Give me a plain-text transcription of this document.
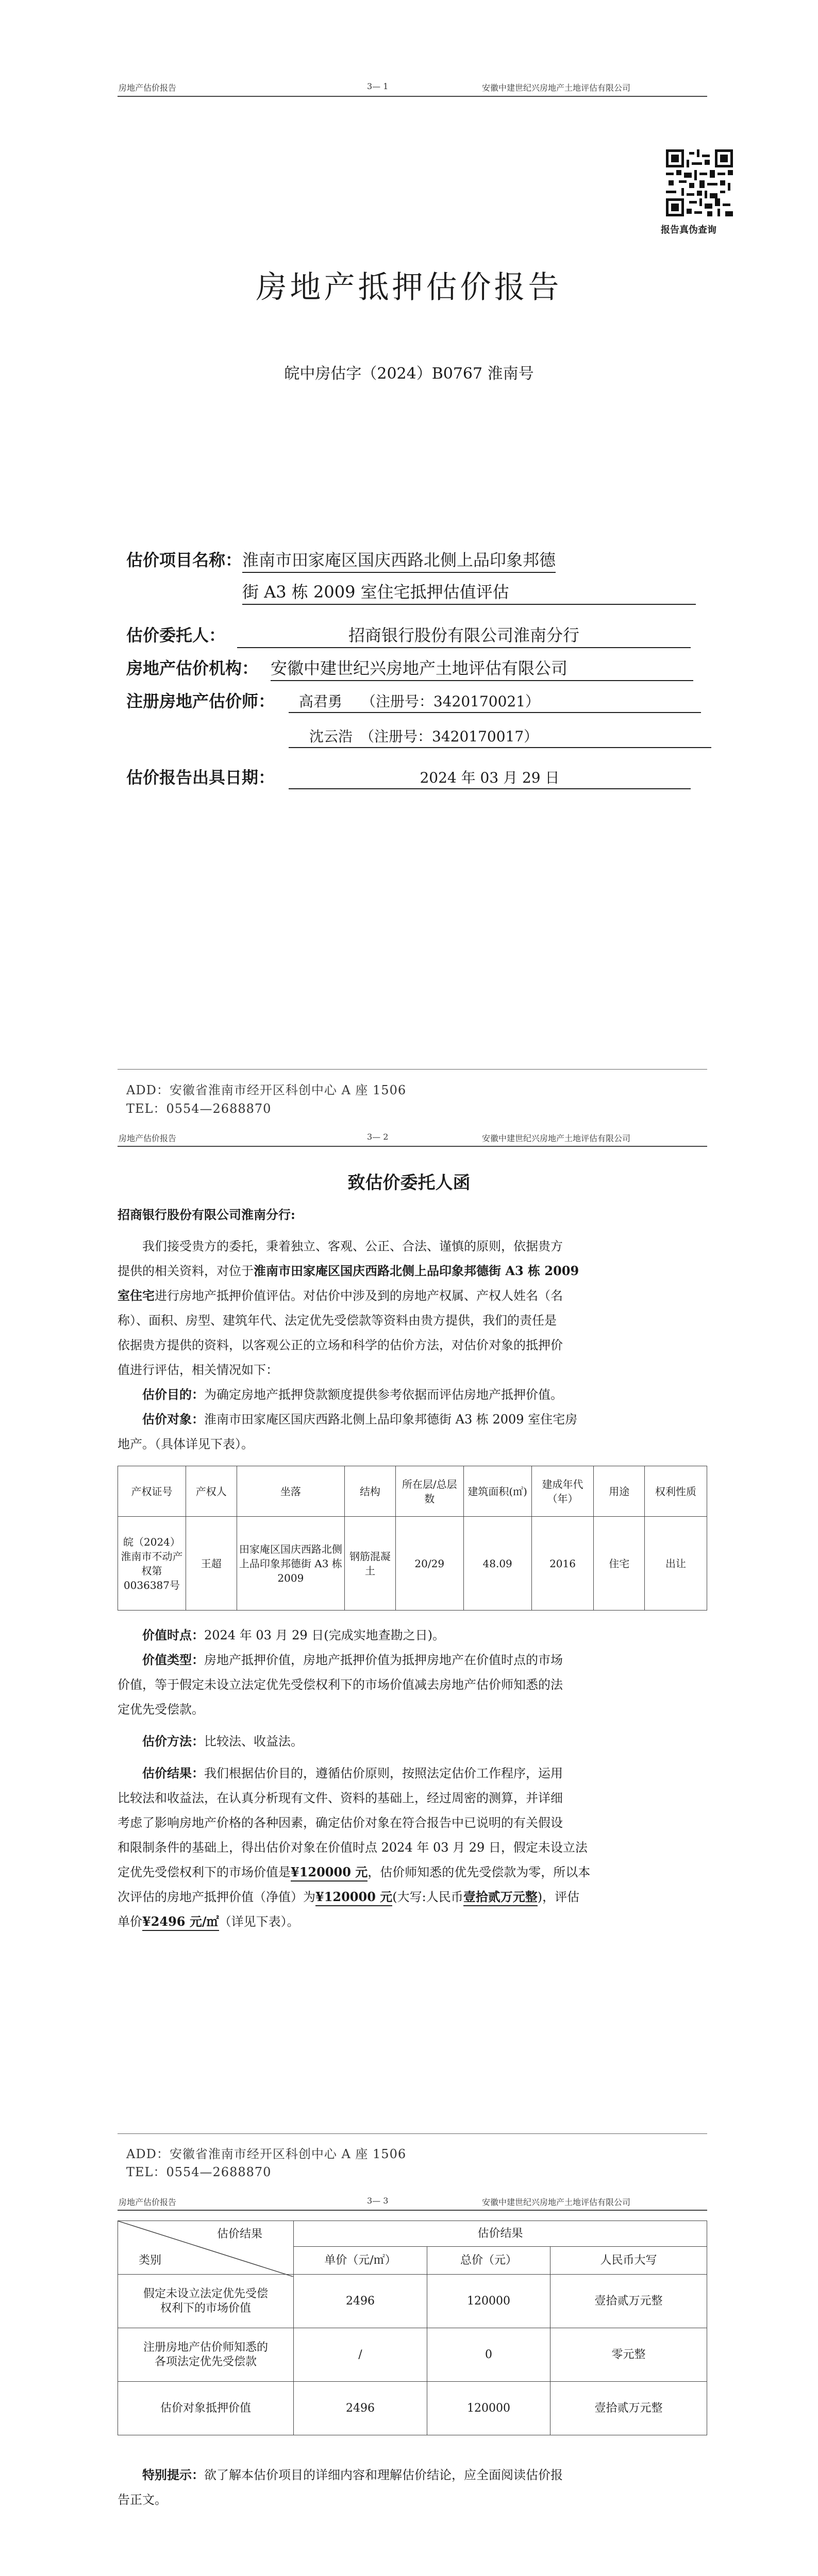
房地产估价报告	3— 1	安徽中建世纪兴房地产土地评估有限公司
报告真伪查询
房地产抵押估价报告
皖中房估字（2024）B0767 淮南号
估价项目名称： 淮南市田家庵区国庆西路北侧上品印象邦德
街 A3 栋 2009 室住宅抵押估值评估
估价委托人：	招商银行股份有限公司淮南分行
房地产估价机构： 安徽中建世纪兴房地产土地评估有限公司
注册房地产估价师：	高君勇　 （注册号：3420170021）
沈云浩　（注册号：3420170017）
估价报告出具日期：	2024 年 03 月 29 日
ADD：安徽省淮南市经开区科创中心 A 座 1506
TEL：0554—2688870
房地产估价报告	3— 2	安徽中建世纪兴房地产土地评估有限公司
致估价委托人函
招商银行股份有限公司淮南分行:

我们接受贵方的委托，秉着独立、客观、公正、合法、谨慎的原则，依据贵方

提供的相关资料，对位于淮南市田家庵区国庆西路北侧上品印象邦德街 A3 栋 2009

室住宅进行房地产抵押价值评估。对估价中涉及到的房地产权属、产权人姓名（名

称）、面积、房型、建筑年代、法定优先受偿款等资料由贵方提供，我们的责任是

依据贵方提供的资料，以客观公正的立场和科学的估价方法，对估价对象的抵押价

值进行评估，相关情况如下：

估价目的：为确定房地产抵押贷款额度提供参考依据而评估房地产抵押价值。

估价对象：淮南市田家庵区国庆西路北侧上品印象邦德街 A3 栋 2009 室住宅房

地产。（具体详见下表）。

产权证号	产权人	坐落	结构	所在层/总层数	建筑面积(㎡)	建成年代（年）	用途	权利性质
皖（2024）淮南市不动产权第0036387号	王超	田家庵区国庆西路北侧上品印象邦德街 A3 栋 2009	钢筋混凝土	20/29	48.09	2016	住宅	出让

价值时点：2024 年 03 月 29 日(完成实地查勘之日)。

价值类型：房地产抵押价值，房地产抵押价值为抵押房地产在价值时点的市场

价值，等于假定未设立法定优先受偿权利下的市场价值减去房地产估价师知悉的法

定优先受偿款。

估价方法：比较法、收益法。

估价结果：我们根据估价目的，遵循估价原则，按照法定估价工作程序，运用

比较法和收益法，在认真分析现有文件、资料的基础上，经过周密的测算，并详细

考虑了影响房地产价格的各种因素，确定估价对象在符合报告中已说明的有关假设

和限制条件的基础上，得出估价对象在价值时点 2024 年 03 月 29 日，假定未设立法

定优先受偿权利下的市场价值是¥120000 元，估价师知悉的优先受偿款为零，所以本

次评估的房地产抵押价值（净值）为¥120000 元(大写:人民币壹拾贰万元整)，评估

单价¥2496 元/㎡（详见下表）。

ADD：安徽省淮南市经开区科创中心 A 座 1506
TEL：0554—2688870
房地产估价报告	3— 3	安徽中建世纪兴房地产土地评估有限公司
估价结果
类别	估价结果		
	单价（元/㎡）	总价（元）	人民币大写
假定未设立法定优先受偿权利下的市场价值	2496	120000	壹拾贰万元整
注册房地产估价师知悉的各项法定优先受偿款	/	0	零元整
估价对象抵押价值	2496	120000	壹拾贰万元整

特别提示：欲了解本估价项目的详细内容和理解估价结论，应全面阅读估价报

告正文。
